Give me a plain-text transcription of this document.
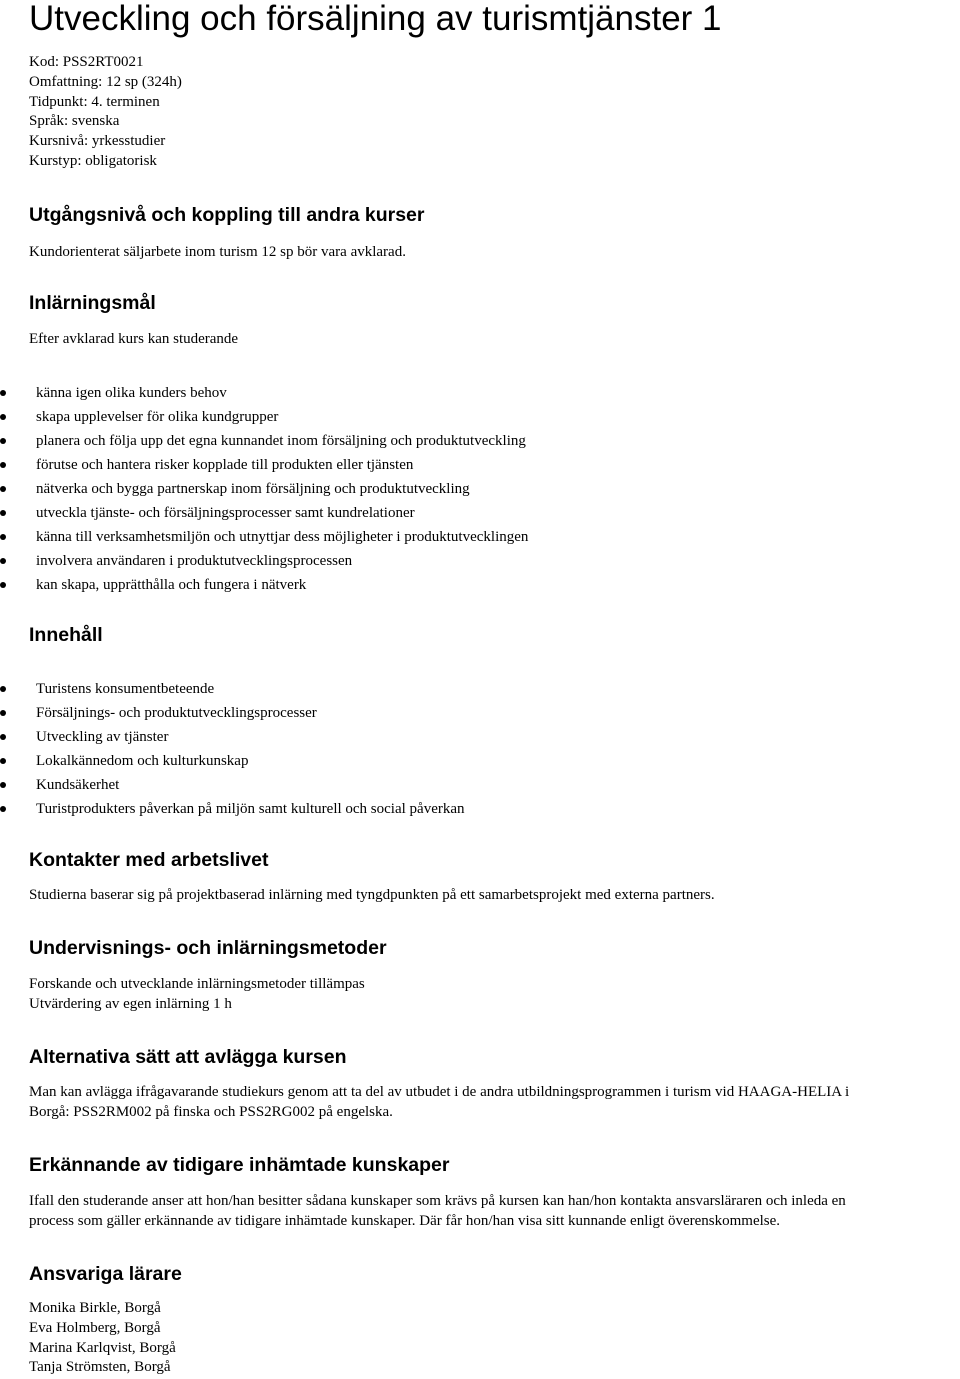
Utveckling och försäljning av turismtjänster 1
Kod: PSS2RT0021
Omfattning: 12 sp (324h)
Tidpunkt: 4. terminen
Språk: svenska
Kursnivå: yrkesstudier
Kurstyp: obligatorisk
Utgångsnivå och koppling till andra kurser

Kundorienterat säljarbete inom turism 12 sp bör vara avklarad.

Inlärningsmål

Efter avklarad kurs kan studerande

känna igen olika kunders behov
skapa upplevelser för olika kundgrupper
planera och följa upp det egna kunnandet inom försäljning och produktutveckling
förutse och hantera risker kopplade till produkten eller tjänsten
nätverka och bygga partnerskap inom försäljning och produktutveckling
utveckla tjänste- och försäljningsprocesser samt kundrelationer
känna till verksamhetsmiljön och utnyttjar dess möjligheter i produktutvecklingen
involvera användaren i produktutvecklingsprocessen
kan skapa, upprätthålla och fungera i nätverk
Innehåll
Turistens konsumentbeteende
Försäljnings- och produktutvecklingsprocesser
Utveckling av tjänster
Lokalkännedom och kulturkunskap
Kundsäkerhet
Turistprodukters påverkan på miljön samt kulturell och social påverkan
Kontakter med arbetslivet

Studierna baserar sig på projektbaserad inlärning med tyngdpunkten på ett samarbetsprojekt med externa partners.

Undervisnings- och inlärningsmetoder
Forskande och utvecklande inlärningsmetoder tillämpas
Utvärdering av egen inlärning 1 h
Alternativa sätt att avlägga kursen
Man kan avlägga ifrågavarande studiekurs genom att ta del av utbudet i de andra utbildningsprogrammen i turism vid HAAGA-HELIA i
Borgå: PSS2RM002 på finska och PSS2RG002 på engelska.
Erkännande av tidigare inhämtade kunskaper
Ifall den studerande anser att hon/han besitter sådana kunskaper som krävs på kursen kan han/hon kontakta ansvarsläraren och inleda en
process som gäller erkännande av tidigare inhämtade kunskaper. Där får hon/han visa sitt kunnande enligt överenskommelse.
Ansvariga lärare
Monika Birkle, Borgå
Eva Holmberg, Borgå
Marina Karlqvist, Borgå
Tanja Strömsten, Borgå
